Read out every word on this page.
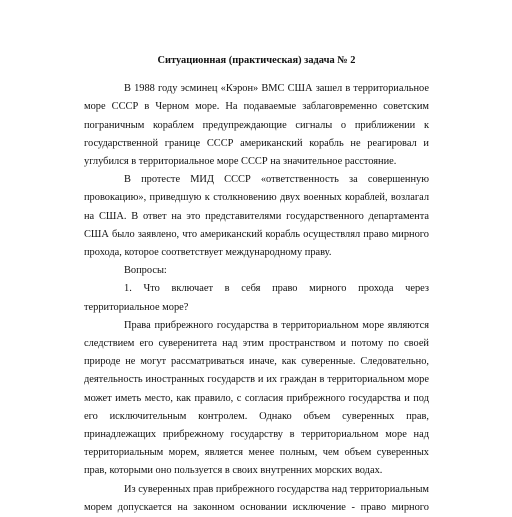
Ситуационная (практическая) задача № 2

В 1988 году эсминец «Кэрон» ВМС США зашел в территориальное море СССР в Черном море. На подаваемые заблаговременно советским пограничным кораблем предупреждающие сигналы о приближении к государственной границе СССР американский корабль не реагировал и углубился в территориальное море СССР на значительное расстояние.

В протесте МИД СССР «ответственность за совершенную провокацию», приведшую к столкновению двух военных кораблей, возлагал на США. В ответ на это представителями государственного департамента США было заявлено, что американский корабль осуществлял право мирного прохода, которое соответствует международному праву.

Вопросы:

1. Что включает в себя право мирного прохода через территориальное море?

Права прибрежного государства в территориальном море являются следствием его суверенитета над этим пространством и потому по своей природе не могут рассматриваться иначе, как суверенные. Следовательно, деятельность иностранных государств и их граждан в территориальном море может иметь место, как правило, с согласия прибрежного государства и под его исключительным контролем. Однако объем суверенных прав, принадлежащих прибрежному государству в территориальном море над территориальным морем, является менее полным, чем объем суверенных прав, которыми оно пользуется в своих внутренних морских водах.

Из суверенных прав прибрежного государства над территориальным морем допускается на законном основании исключение - право мирного
